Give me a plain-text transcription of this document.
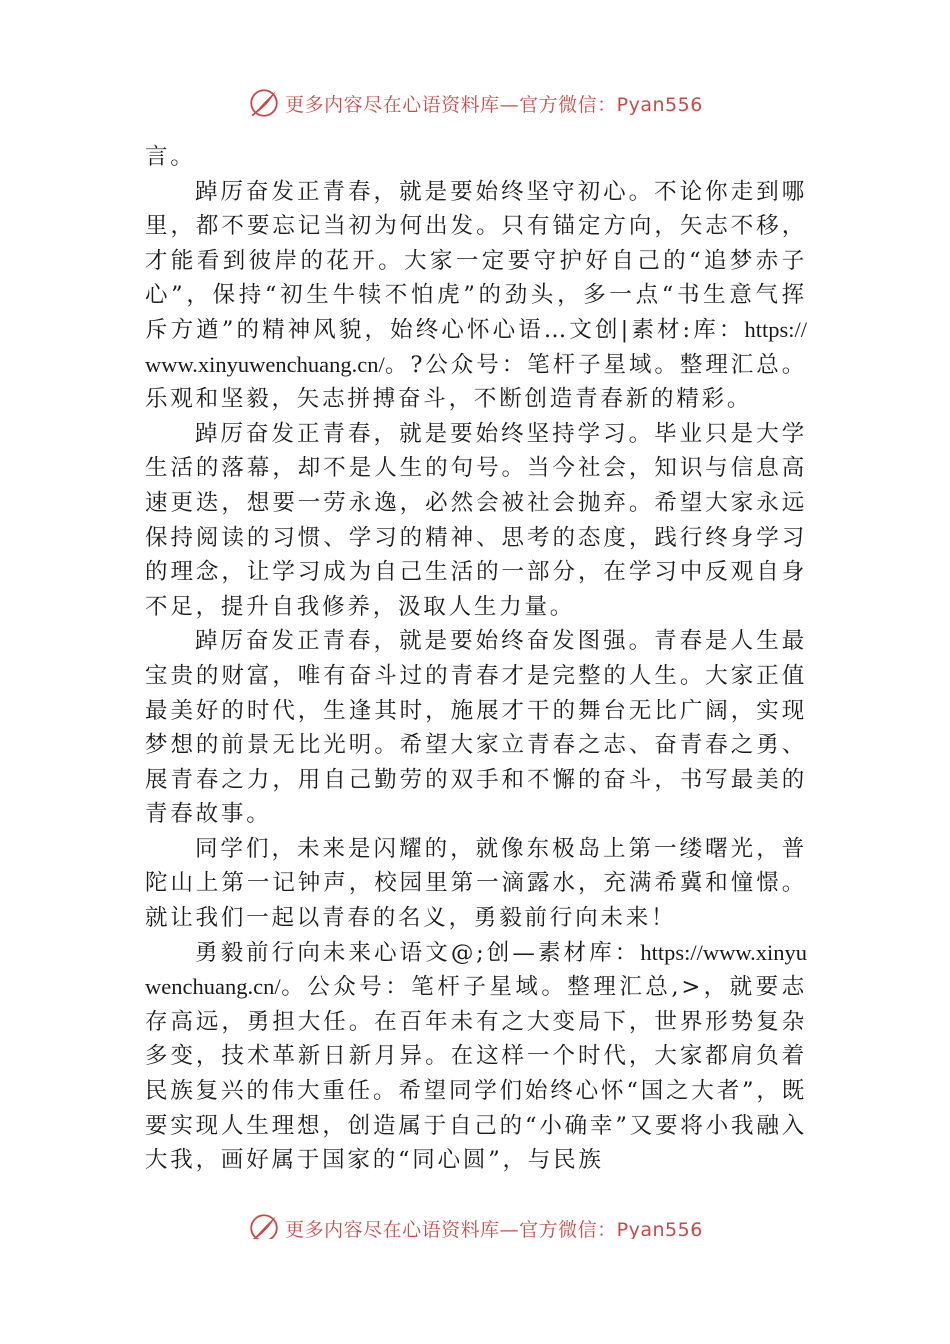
更多内容尽在心语资料库—官方微信：Pyan556

言。

踔厉奋发正青春，就是要始终坚守初心。不论你走到哪里，都不要忘记当初为何出发。只有锚定方向，矢志不移，才能看到彼岸的花开。大家一定要守护好自己的“追梦赤子心”，保持“初生牛犊不怕虎”的劲头，多一点“书生意气挥斥方遒”的精神风貌，始终心怀心语…文创|素材:库：https://www.xinyuwenchuang.cn/。?公众号：笔杆子星域。整理汇总。乐观和坚毅，矢志拼搏奋斗，不断创造青春新的精彩。

踔厉奋发正青春，就是要始终坚持学习。毕业只是大学生活的落幕，却不是人生的句号。当今社会，知识与信息高速更迭，想要一劳永逸，必然会被社会抛弃。希望大家永远保持阅读的习惯、学习的精神、思考的态度，践行终身学习的理念，让学习成为自己生活的一部分，在学习中反观自身不足，提升自我修养，汲取人生力量。

踔厉奋发正青春，就是要始终奋发图强。青春是人生最宝贵的财富，唯有奋斗过的青春才是完整的人生。大家正值最美好的时代，生逢其时，施展才干的舞台无比广阔，实现梦想的前景无比光明。希望大家立青春之志、奋青春之勇、展青春之力，用自己勤劳的双手和不懈的奋斗，书写最美的青春故事。

同学们，未来是闪耀的，就像东极岛上第一缕曙光，普陀山上第一记钟声，校园里第一滴露水，充满希冀和憧憬。就让我们一起以青春的名义，勇毅前行向未来！

勇毅前行向未来心语文@;创—素材库：https://www.xinyuwenchuang.cn/。公众号：笔杆子星域。整理汇总,>，就要志存高远，勇担大任。在百年未有之大变局下，世界形势复杂多变，技术革新日新月异。在这样一个时代，大家都肩负着民族复兴的伟大重任。希望同学们始终心怀“国之大者”，既要实现人生理想，创造属于自己的“小确幸”又要将小我融入大我，画好属于国家的“同心圆”，与民族

更多内容尽在心语资料库—官方微信：Pyan556
